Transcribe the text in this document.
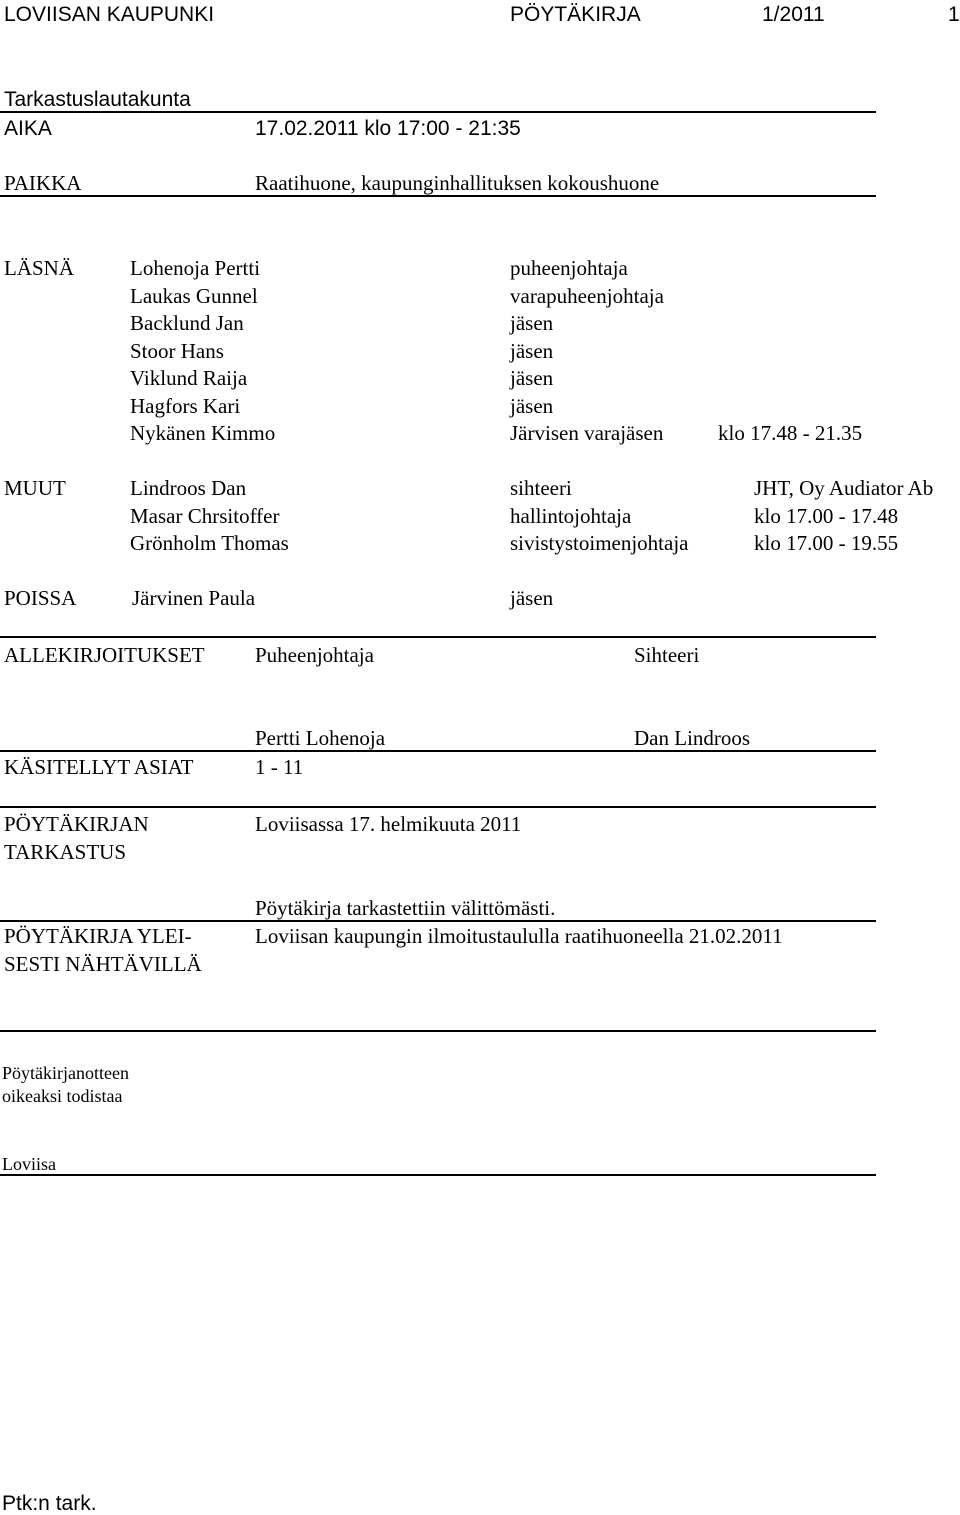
LOVIISAN KAUPUNKI	PÖYTÄKIRJA	1/2011	1
Tarkastuslautakunta
AIKA	17.02.2011 klo 17:00 - 21:35
PAIKKA	Raatihuone, kaupunginhallituksen kokoushuone
LÄSNÄ	Lohenoja Pertti	puheenjohtaja
Laukas Gunnel	varapuheenjohtaja
Backlund Jan	jäsen
Stoor Hans	jäsen
Viklund Raija	jäsen
Hagfors Kari	jäsen
Nykänen Kimmo	Järvisen varajäsen	klo 17.48 - 21.35
MUUT	Lindroos Dan	sihteeri	JHT, Oy Audiator Ab
Masar Chrsitoffer	hallintojohtaja	klo 17.00 - 17.48
Grönholm Thomas	sivistystoimenjohtaja	klo 17.00 - 19.55
POISSA	Järvinen Paula	jäsen
ALLEKIRJOITUKSET Puheenjohtaja	Sihteeri
Pertti Lohenoja	Dan Lindroos
KÄSITELLYT ASIAT	1 - 11
PÖYTÄKIRJAN
TARKASTUS
Loviisassa 17. helmikuuta 2011
Pöytäkirja tarkastettiin välittömästi.
PÖYTÄKIRJA YLEI-
SESTI NÄHTÄVILLÄ
Loviisan kaupungin ilmoitustaululla raatihuoneella 21.02.2011
Pöytäkirjanotteen
oikeaksi todistaa
Loviisa
Ptk:n tark.
